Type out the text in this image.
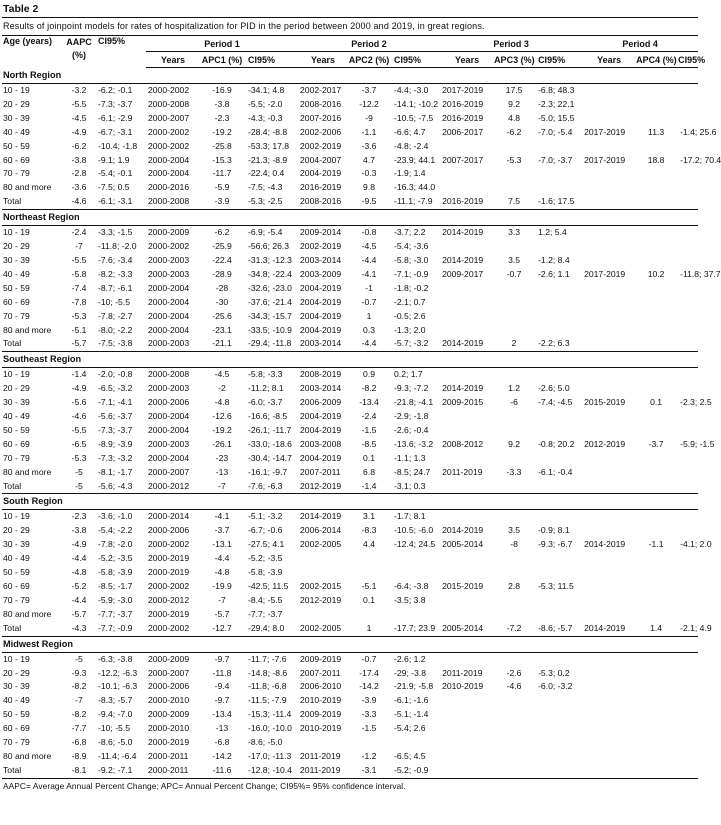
Table 2
Results of joinpoint models for rates of hospitalization for PID in the period between 2000 and 2019, in great regions.
Age (years)	AAPC (%)	CI95%	Period 1			Period 2			Period 3			Period 4		
			Years	APC1 (%)	CI95%	Years	APC2 (%)	CI95%	Years	APC3 (%)	CI95%	Years	APC4 (%)	CI95%
North Region														
10 - 19	-3.2	-6.2; -0.1	2000-2002	-16.9	-34.1; 4.8	2002-2017	-3.7	-4.4; -3.0	2017-2019	17.5	-6.8; 48.3			
20 - 29	-5.5	-7.3; -3.7	2000-2008	-3.8	-5.5; -2.0	2008-2016	-12.2	-14.1; -10.2	2016-2019	9.2	-2.3; 22.1			
30 - 39	-4.5	-6.1; -2.9	2000-2007	-2.3	-4.3; -0.3	2007-2016	-9	-10.5; -7.5	2016-2019	4.8	-5.0; 15.5			
40 - 49	-4.9	-6.7; -3.1	2000-2002	-19.2	-28.4; -8.8	2002-2006	-1.1	-6.6; 4.7	2006-2017	-6.2	-7.0; -5.4	2017-2019	11.3	-1.4; 25.6
50 - 59	-6.2	-10.4; -1.8	2000-2002	-25.8	-53.3; 17.8	2002-2019	-3.6	-4.8; -2.4						
60 - 69	-3.8	-9.1; 1.9	2000-2004	-15.3	-21.3; -8.9	2004-2007	4.7	-23.9; 44.1	2007-2017	-5.3	-7.0; -3.7	2017-2019	18.8	-17.2; 70.4
70 - 79	-2.8	-5.4; -0.1	2000-2004	-11.7	-22.4; 0.4	2004-2019	-0.3	-1.9; 1.4						
80 and more	-3.6	-7.5; 0.5	2000-2016	-5.9	-7.5; -4.3	2016-2019	9.8	-16.3; 44.0						
Total	-4.6	-6.1; -3.1	2000-2008	-3.9	-5.3; -2.5	2008-2016	-9.5	-11.1; -7.9	2016-2019	7.5	-1.6; 17.5			
Northeast Region														
10 - 19	-2.4	-3.3; -1.5	2000-2009	-6.2	-6.9; -5.4	2009-2014	-0.8	-3.7; 2.2	2014-2019	3.3	1.2; 5.4			
20 - 29	-7	-11.8; -2.0	2000-2002	-25.9	-56.6; 26.3	2002-2019	-4.5	-5.4; -3.6						
30 - 39	-5.5	-7.6; -3.4	2000-2003	-22.4	-31.3; -12.3	2003-2014	-4.4	-5.8; -3.0	2014-2019	3.5	-1.2; 8.4			
40 - 49	-5.8	-8.2; -3.3	2000-2003	-28.9	-34.8; -22.4	2003-2009	-4.1	-7.1; -0.9	2009-2017	-0.7	-2.6; 1.1	2017-2019	10.2	-11.8; 37.7
50 - 59	-7.4	-8.7; -6.1	2000-2004	-28	-32.6; -23.0	2004-2019	-1	-1.8; -0.2						
60 - 69	-7.8	-10; -5.5	2000-2004	-30	-37.6; -21.4	2004-2019	-0.7	-2.1; 0.7						
70 - 79	-5.3	-7.8; -2.7	2000-2004	-25.6	-34.3; -15.7	2004-2019	1	-0.5; 2.6						
80 and more	-5.1	-8.0; -2.2	2000-2004	-23.1	-33.5; -10.9	2004-2019	0.3	-1.3; 2.0						
Total	-5.7	-7.5; -3.8	2000-2003	-21.1	-29.4; -11.8	2003-2014	-4.4	-5.7; -3.2	2014-2019	2	-2.2; 6.3			
Southeast Region														
10 - 19	-1.4	-2.0; -0.8	2000-2008	-4.5	-5.8; -3.3	2008-2019	0.9	0.2; 1.7						
20 - 29	-4.9	-6.5; -3.2	2000-2003	-2	-11.2; 8.1	2003-2014	-8.2	-9.3; -7.2	2014-2019	1.2	-2.6; 5.0			
30 - 39	-5.6	-7.1; -4.1	2000-2006	-4.8	-6.0; -3.7	2006-2009	-13.4	-21.8; -4.1	2009-2015	-6	-7.4; -4.5	2015-2019	0.1	-2.3; 2.5
40 - 49	-4.6	-5.6; -3.7	2000-2004	-12.6	-16.6; -8.5	2004-2019	-2.4	-2.9; -1.8						
50 - 59	-5.5	-7.3; -3.7	2000-2004	-19.2	-26.1; -11.7	2004-2019	-1.5	-2.6; -0.4						
60 - 69	-6.5	-8.9; -3.9	2000-2003	-26.1	-33.0; -18.6	2003-2008	-8.5	-13.6; -3.2	2008-2012	9.2	-0.8; 20.2	2012-2019	-3.7	-5.9; -1.5
70 - 79	-5.3	-7.3; -3.2	2000-2004	-23	-30.4; -14.7	2004-2019	0.1	-1.1; 1.3						
80 and more	-5	-8.1; -1.7	2000-2007	-13	-16.1; -9.7	2007-2011	6.8	-8.5; 24.7	2011-2019	-3.3	-6.1; -0.4			
Total	-5	-5.6; -4.3	2000-2012	-7	-7.6; -6.3	2012-2019	-1.4	-3.1; 0.3						
South Region														
10 - 19	-2.3	-3.6; -1.0	2000-2014	-4.1	-5.1; -3.2	2014-2019	3.1	-1.7; 8.1						
20 - 29	-3.8	-5.4; -2.2	2000-2006	-3.7	-6.7; -0.6	2006-2014	-8.3	-10.5; -6.0	2014-2019	3.5	-0.9; 8.1			
30 - 39	-4.9	-7.8; -2.0	2000-2002	-13.1	-27.5; 4.1	2002-2005	4.4	-12.4; 24.5	2005-2014	-8	-9.3; -6.7	2014-2019	-1.1	-4.1; 2.0
40 - 49	-4.4	-5.2; -3.5	2000-2019	-4.4	-5.2; -3.5									
50 - 59	-4.8	-5.8; -3.9	2000-2019	-4.8	-5.8; -3.9									
60 - 69	-5.2	-8.5; -1.7	2000-2002	-19.9	-42.5; 11.5	2002-2015	-5.1	-6.4; -3.8	2015-2019	2.8	-5.3; 11.5			
70 - 79	-4.4	-5.9; -3.0	2000-2012	-7	-8.4; -5.5	2012-2019	0.1	-3.5; 3.8						
80 and more	-5.7	-7.7; -3.7	2000-2019	-5.7	-7.7; -3.7									
Total	-4.3	-7.7; -0.9	2000-2002	-12.7	-29.4; 8.0	2002-2005	1	-17.7; 23.9	2005-2014	-7.2	-8.6; -5.7	2014-2019	1.4	-2.1; 4.9
Midwest Region														
10 - 19	-5	-6.3; -3.8	2000-2009	-9.7	-11.7; -7.6	2009-2019	-0.7	-2.6; 1.2						
20 - 29	-9.3	-12.2; -6.3	2000-2007	-11.8	-14.8; -8.6	2007-2011	-17.4	-29; -3.8	2011-2019	-2.6	-5.3; 0.2			
30 - 39	-8.2	-10.1; -6.3	2000-2006	-9.4	-11.8; -6.8	2006-2010	-14.2	-21.9; -5.8	2010-2019	-4.6	-6.0; -3.2			
40 - 49	-7	-8.3; -5.7	2000-2010	-9.7	-11.5; -7.9	2010-2019	-3.9	-6.1; -1.6						
50 - 59	-8.2	-9.4; -7.0	2000-2009	-13.4	-15.3; -11.4	2009-2019	-3.3	-5.1; -1.4						
60 - 69	-7.7	-10; -5.5	2000-2010	-13	-16.0; -10.0	2010-2019	-1.5	-5.4; 2.6						
70 - 79	-6.8	-8.6; -5.0	2000-2019	-6.8	-8.6; -5.0									
80 and more	-8.9	-11.4; -6.4	2000-2011	-14.2	-17.0; -11.3	2011-2019	-1.2	-6.5; 4.5						
Total	-8.1	-9.2; -7.1	2000-2011	-11.6	-12.8; -10.4	2011-2019	-3.1	-5.2; -0.9						
AAPC= Average Annual Percent Change; APC= Annual Percent Change; CI95%= 95% confidence interval.
